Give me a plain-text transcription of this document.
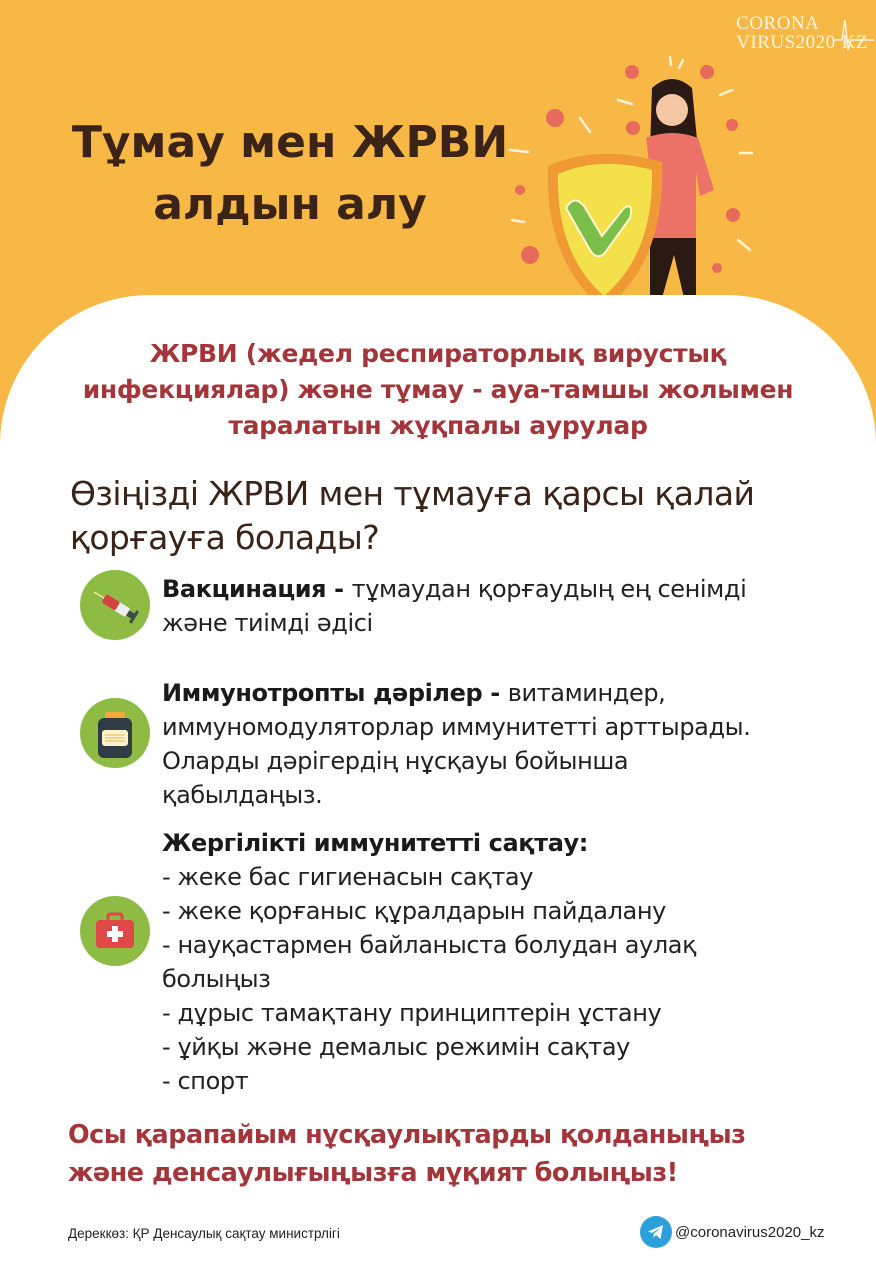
CORONA
VIRUS2020 KZ
Тұмау мен ЖРВИ
алдын алу
ЖРВИ (жедел респираторлық вирустық
инфекциялар) және тұмау - ауа-тамшы жолымен
таралатын жұқпалы аурулар
Өзіңізді ЖРВИ мен тұмауға қарсы қалай
қорғауға болады?
Вакцинация - тұмаудан қорғаудың ең сенімді
және тиімді әдісі
Иммунотропты дәрілер - витаминдер,
иммуномодуляторлар иммунитетті арттырады.
Оларды дәрігердің нұсқауы бойынша
қабылдаңыз.
Жергілікті иммунитетті сақтау:
- жеке бас гигиенасын сақтау
- жеке қорғаныс құралдарын пайдалану
- науқастармен байланыста болудан аулақ
болыңыз
- дұрыс тамақтану принциптерін ұстану
- ұйқы және демалыс режимін сақтау
- спорт
Осы қарапайым нұсқаулықтарды қолданыңыз
және денсаулығыңызға мұқият болыңыз!
Дереккөз: ҚР Денсаулық сақтау министрлігі	@coronavirus2020_kz
